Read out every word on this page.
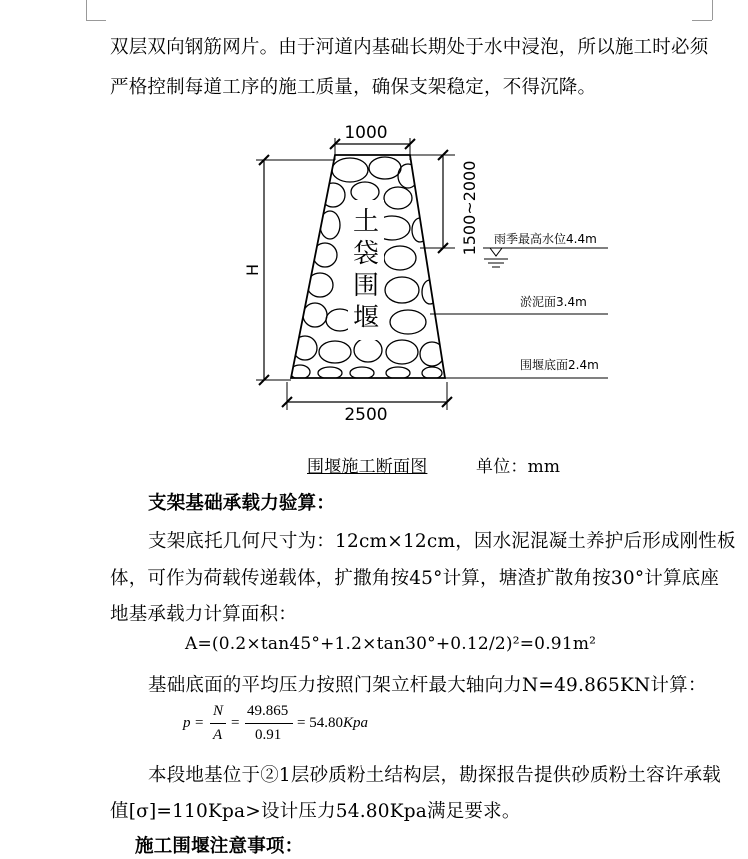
双层双向钢筋网片。由于河道内基础长期处于水中浸泡，所以施工时必须
严格控制每道工序的施工质量，确保支架稳定，不得沉降。
1000
2500
H
1500~2000 雨季最高水位4.4m
淤泥面3.4m
围堰底面2.4m
土
袋
围
堰
围堰施工断面图	单位：mm
支架基础承载力验算：
支架底托几何尺寸为：12cm×12cm，因水泥混凝土养护后形成刚性板
体，可作为荷载传递载体，扩撒角按45°计算，塘渣扩散角按30°计算底座
地基承载力计算面积：
A=(0.2×tan45°+1.2×tan30°+0.12/2)²=0.91m²
基础底面的平均压力按照门架立杆最大轴向力N=49.865KN计算：
p =
N
A
=
49.865
0.91
= 54.80 Kpa
本段地基位于②1层砂质粉土结构层，勘探报告提供砂质粉土容许承载
值[σ]=110Kpa>设计压力54.80Kpa满足要求。
施工围堰注意事项：
